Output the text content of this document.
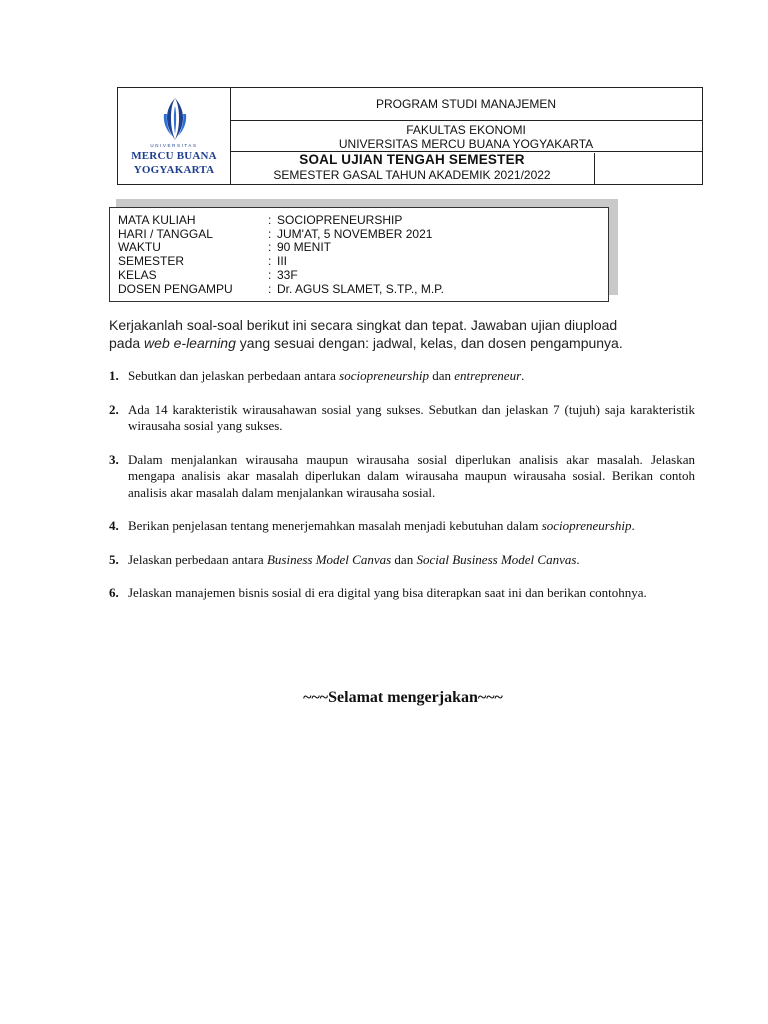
UNIVERSITAS
MERCU BUANA
YOGYAKARTA
PROGRAM STUDI MANAJEMEN
FAKULTAS EKONOMI
UNIVERSITAS MERCU BUANA YOGYAKARTA
SOAL UJIAN TENGAH SEMESTER
SEMESTER GASAL TAHUN AKADEMIK 2021/2022
MATA KULIAH	: SOCIOPRENEURSHIP
HARI / TANGGAL	: JUM'AT, 5 NOVEMBER 2021
WAKTU	: 90 MENIT
SEMESTER	: III
KELAS	: 33F
DOSEN PENGAMPU	: Dr. AGUS SLAMET, S.TP., M.P.
Kerjakanlah soal-soal berikut ini secara singkat dan tepat. Jawaban ujian diupload
pada web e-learning yang sesuai dengan: jadwal, kelas, dan dosen pengampunya.
1. Sebutkan dan jelaskan perbedaan antara sociopreneurship dan entrepreneur.
2. Ada 14 karakteristik wirausahawan sosial yang sukses. Sebutkan dan jelaskan 7 (tujuh) saja karakteristik wirausaha sosial yang sukses.
3. Dalam menjalankan wirausaha maupun wirausaha sosial diperlukan analisis akar masalah. Jelaskan mengapa analisis akar masalah diperlukan dalam wirausaha maupun wirausaha sosial. Berikan contoh analisis akar masalah dalam menjalankan wirausaha sosial.
4. Berikan penjelasan tentang menerjemahkan masalah menjadi kebutuhan dalam sociopreneurship.
5. Jelaskan perbedaan antara Business Model Canvas dan Social Business Model Canvas.
6. Jelaskan manajemen bisnis sosial di era digital yang bisa diterapkan saat ini dan berikan contohnya.
~~~Selamat mengerjakan~~~
